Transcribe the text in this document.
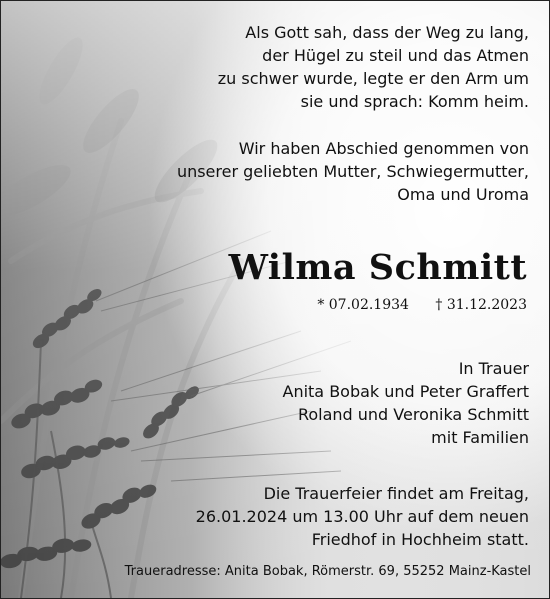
Als Gott sah, dass der Weg zu lang,
der Hügel zu steil und das Atmen
zu schwer wurde, legte er den Arm um
sie und sprach: Komm heim.
Wir haben Abschied genommen von
unserer geliebten Mutter, Schwiegermutter,
Oma und Uroma
Wilma Schmitt
* 07.02.1934 † 31.12.2023
In Trauer
Anita Bobak und Peter Graffert
Roland und Veronika Schmitt
mit Familien
Die Trauerfeier findet am Freitag,
26.01.2024 um 13.00 Uhr auf dem neuen
Friedhof in Hochheim statt.
Traueradresse: Anita Bobak, Römerstr. 69, 55252 Mainz-Kastel
